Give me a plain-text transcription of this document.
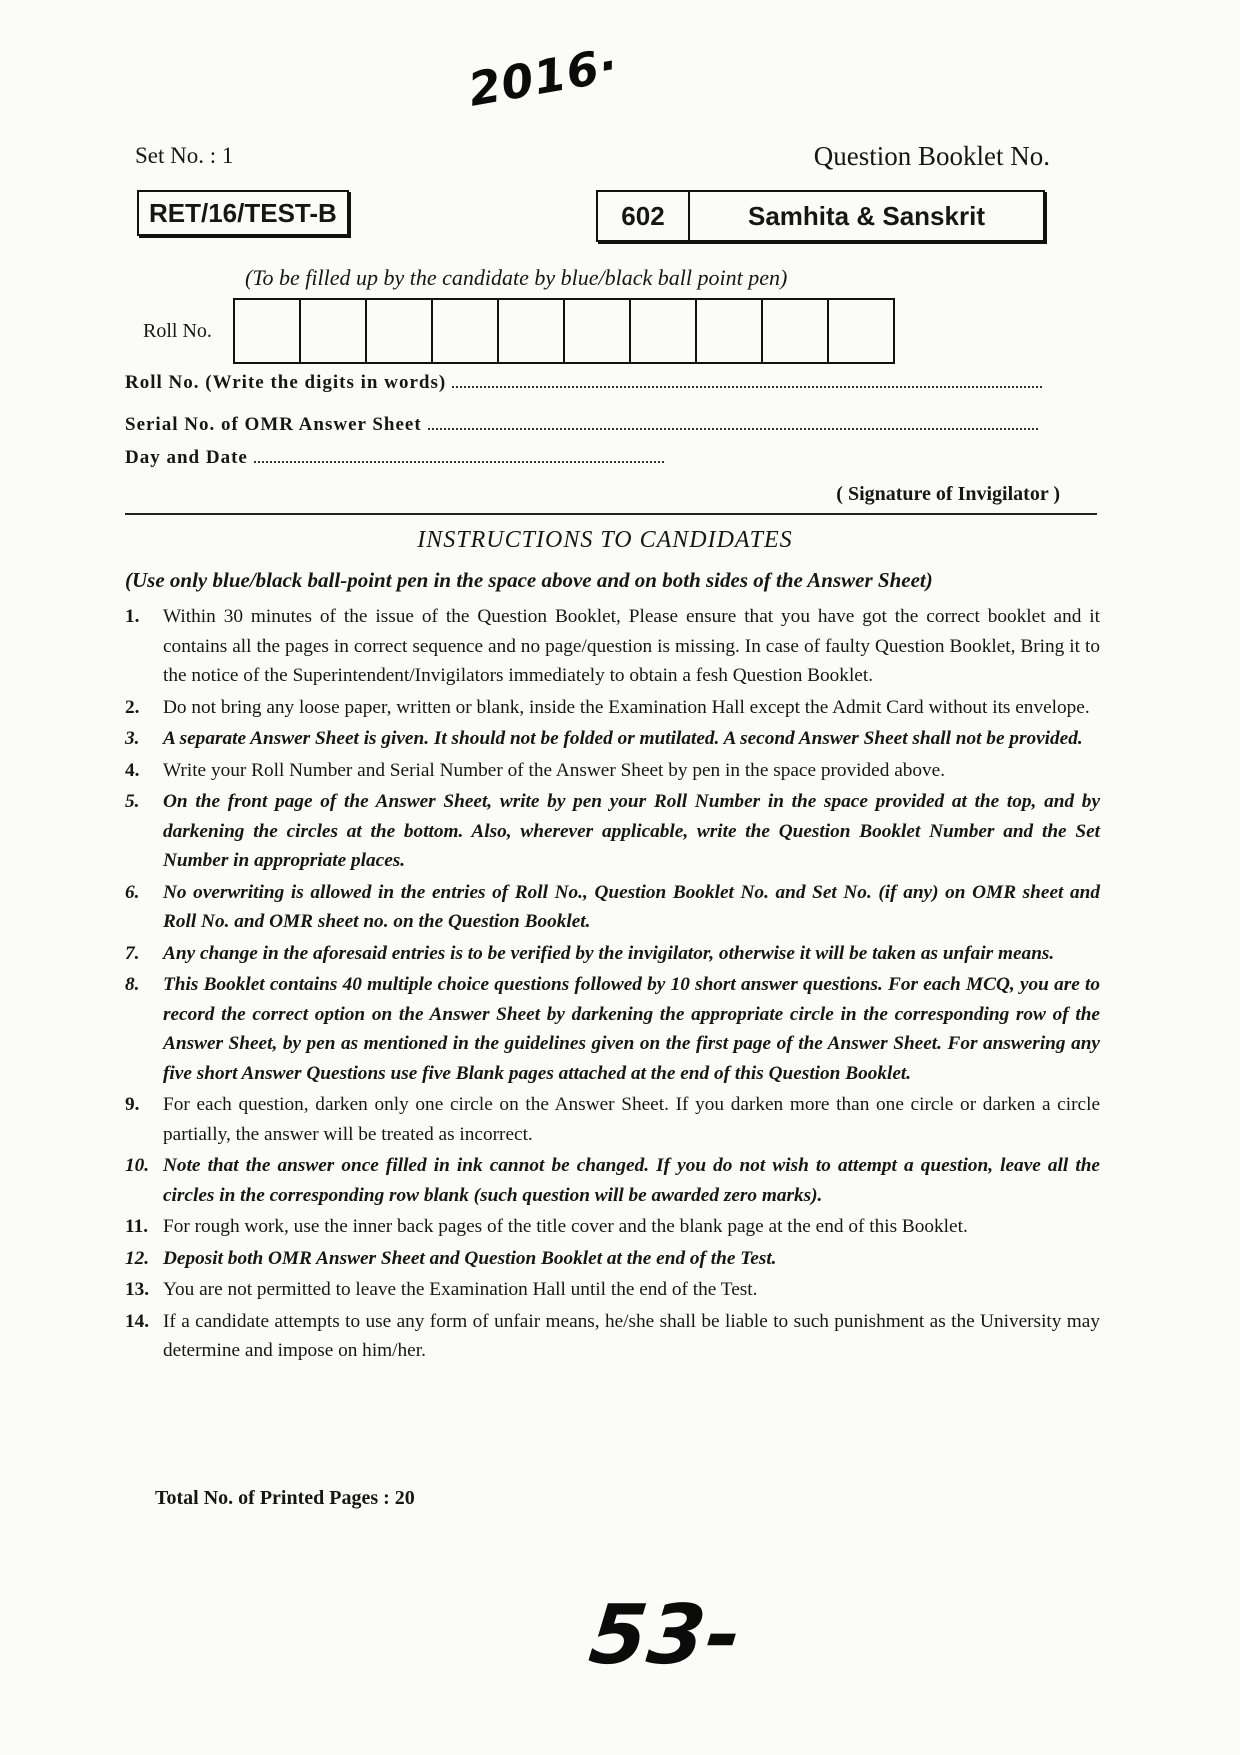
2016·
Set No. : 1	Question Booklet No.
RET/16/TEST-B	602	Samhita & Sanskrit
(To be filled up by the candidate by blue/black ball point pen)
Roll No.
Roll No. (Write the digits in words)
Serial No. of OMR Answer Sheet
Day and Date
( Signature of Invigilator )
INSTRUCTIONS TO CANDIDATES
(Use only blue/black ball-point pen in the space above and on both sides of the Answer Sheet)
1. Within 30 minutes of the issue of the Question Booklet, Please ensure that you have got the correct booklet and it contains all the pages in correct sequence and no page/question is missing. In case of faulty Question Booklet, Bring it to the notice of the Superintendent/Invigilators immediately to obtain a fesh Question Booklet.
2. Do not bring any loose paper, written or blank, inside the Examination Hall except the Admit Card without its envelope.
3. A separate Answer Sheet is given. It should not be folded or mutilated. A second Answer Sheet shall not be provided.
4. Write your Roll Number and Serial Number of the Answer Sheet by pen in the space provided above.
5. On the front page of the Answer Sheet, write by pen your Roll Number in the space provided at the top, and by darkening the circles at the bottom. Also, wherever applicable, write the Question Booklet Number and the Set Number in appropriate places.
6. No overwriting is allowed in the entries of Roll No., Question Booklet No. and Set No. (if any) on OMR sheet and Roll No. and OMR sheet no. on the Question Booklet.
7. Any change in the aforesaid entries is to be verified by the invigilator, otherwise it will be taken as unfair means.
8. This Booklet contains 40 multiple choice questions followed by 10 short answer questions. For each MCQ, you are to record the correct option on the Answer Sheet by darkening the appropriate circle in the corresponding row of the Answer Sheet, by pen as mentioned in the guidelines given on the first page of the Answer Sheet. For answering any five short Answer Questions use five Blank pages attached at the end of this Question Booklet.
9. For each question, darken only one circle on the Answer Sheet. If you darken more than one circle or darken a circle partially, the answer will be treated as incorrect.
10. Note that the answer once filled in ink cannot be changed. If you do not wish to attempt a question, leave all the circles in the corresponding row blank (such question will be awarded zero marks).
11. For rough work, use the inner back pages of the title cover and the blank page at the end of this Booklet.
12. Deposit both OMR Answer Sheet and Question Booklet at the end of the Test.
13. You are not permitted to leave the Examination Hall until the end of the Test.
14. If a candidate attempts to use any form of unfair means, he/she shall be liable to such punishment as the University may determine and impose on him/her.
Total No. of Printed Pages : 20
53-
